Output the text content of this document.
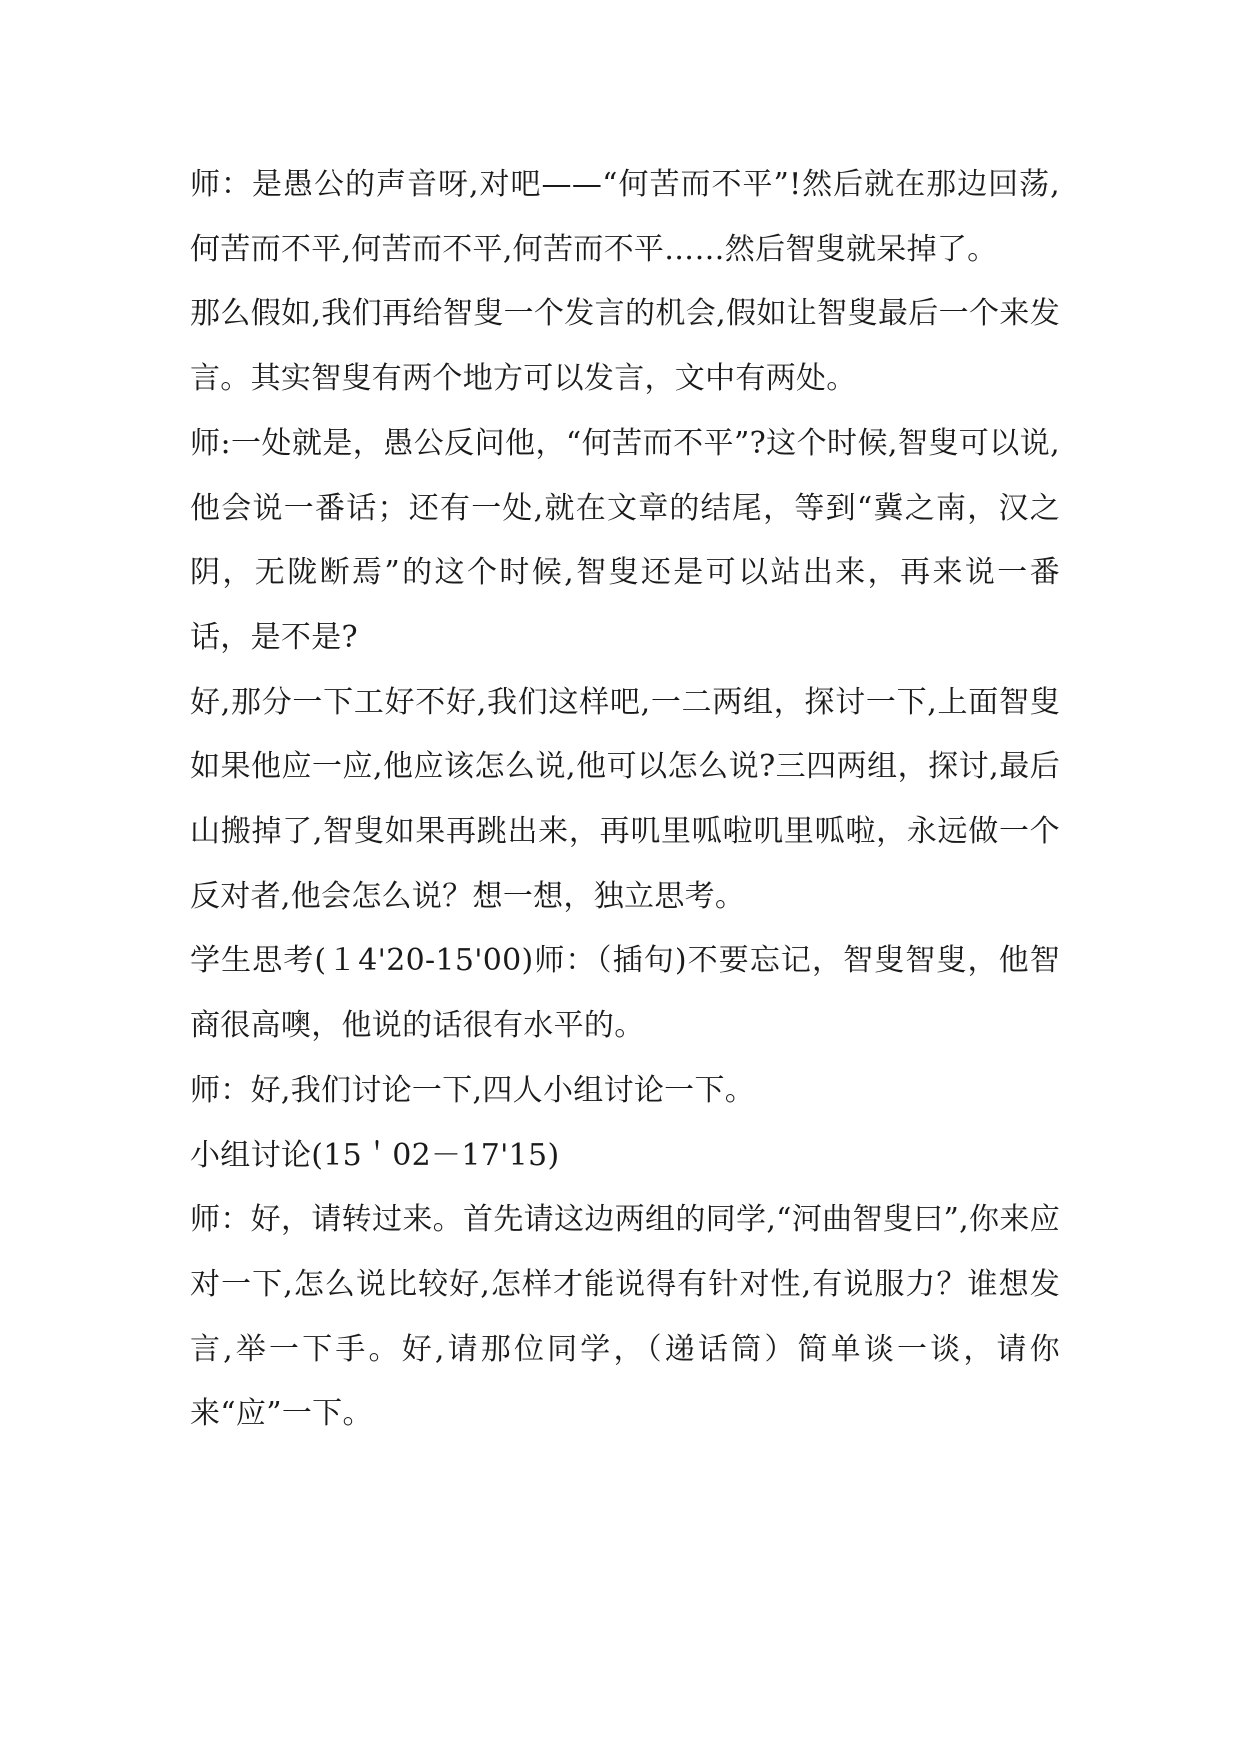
师：是愚公的声音呀,对吧——“何苦而不平”!然后就在那边回荡,何苦而不平,何苦而不平,何苦而不平……然后智叟就呆掉了。

那么假如,我们再给智叟一个发言的机会,假如让智叟最后一个来发言。其实智叟有两个地方可以发言，文中有两处。

师:一处就是，愚公反问他，“何苦而不平”?这个时候,智叟可以说,他会说一番话；还有一处,就在文章的结尾，等到“冀之南，汉之阴，无陇断焉”的这个时候,智叟还是可以站出来，再来说一番话，是不是?

好,那分一下工好不好,我们这样吧,一二两组，探讨一下,上面智叟如果他应一应,他应该怎么说,他可以怎么说?三四两组，探讨,最后山搬掉了,智叟如果再跳出来，再叽里呱啦叽里呱啦，永远做一个反对者,他会怎么说？想一想，独立思考。

学生思考(１4'20-15'00)师：（插句)不要忘记，智叟智叟，他智商很高噢，他说的话很有水平的。

师：好,我们讨论一下,四人小组讨论一下。

小组讨论(15＇02－17'15)

师：好，请转过来。首先请这边两组的同学,“河曲智叟曰”,你来应对一下,怎么说比较好,怎样才能说得有针对性,有说服力？谁想发言,举一下手。好,请那位同学，（递话筒）简单谈一谈，请你来“应”一下。
